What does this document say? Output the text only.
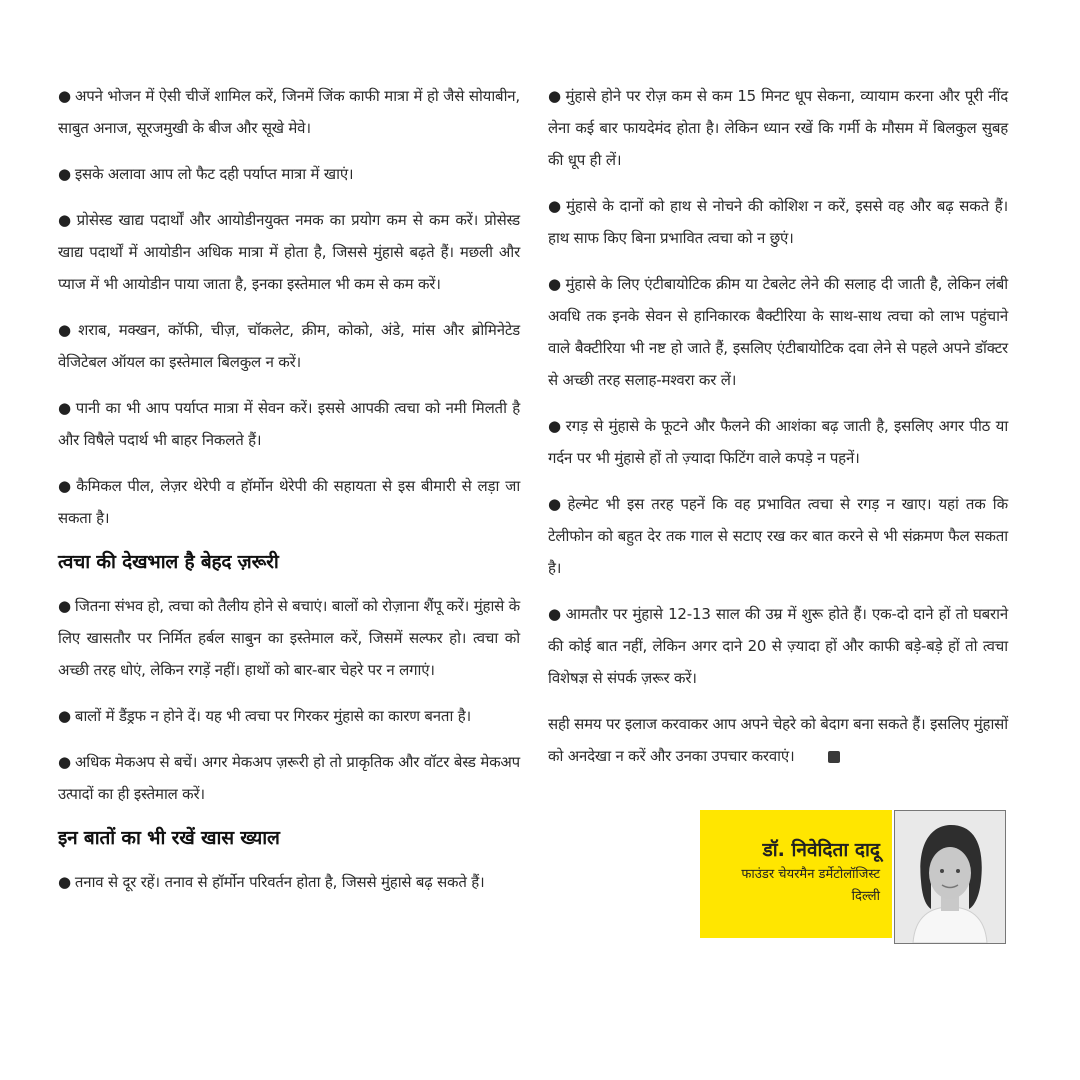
● अपने भोजन में ऐसी चीजें शामिल करें, जिनमें जिंक काफी मात्रा में हो जैसे सोयाबीन, साबुत अनाज, सूरजमुखी के बीज और सूखे मेवे।

● इसके अलावा आप लो फैट दही पर्याप्त मात्रा में खाएं।

● प्रोसेस्ड खाद्य पदार्थों और आयोडीनयुक्त नमक का प्रयोग कम से कम करें। प्रोसेस्ड खाद्य पदार्थों में आयोडीन अधिक मात्रा में होता है, जिससे मुंहासे बढ़ते हैं। मछली और प्याज में भी आयोडीन पाया जाता है, इनका इस्तेमाल भी कम से कम करें।

● शराब, मक्खन, कॉफी, चीज़, चॉकलेट, क्रीम, कोको, अंडे, मांस और ब्रोमिनेटेड वेजिटेबल ऑयल का इस्तेमाल बिलकुल न करें।

● पानी का भी आप पर्याप्त मात्रा में सेवन करें। इससे आपकी त्वचा को नमी मिलती है और विषैले पदार्थ भी बाहर निकलते हैं।

● कैमिकल पील, लेज़र थेरेपी व हॉर्मोन थेरेपी की सहायता से इस बीमारी से लड़ा जा सकता है।

त्वचा की देखभाल है बेहद ज़रूरी

● जितना संभव हो, त्वचा को तैलीय होने से बचाएं। बालों को रोज़ाना शैंपू करें। मुंहासे के लिए खासतौर पर निर्मित हर्बल साबुन का इस्तेमाल करें, जिसमें सल्फर हो। त्वचा को अच्छी तरह धोएं, लेकिन रगड़ें नहीं। हाथों को बार-बार चेहरे पर न लगाएं।

● बालों में डैंड्रफ न होने दें। यह भी त्वचा पर गिरकर मुंहासे का कारण बनता है।

● अधिक मेकअप से बचें। अगर मेकअप ज़रूरी हो तो प्राकृतिक और वॉटर बेस्ड मेकअप उत्पादों का ही इस्तेमाल करें।

इन बातों का भी रखें खास ख्याल

● तनाव से दूर रहें। तनाव से हॉर्मोन परिवर्तन होता है, जिससे मुंहासे बढ़ सकते हैं।

● मुंहासे होने पर रोज़ कम से कम 15 मिनट धूप सेकना, व्यायाम करना और पूरी नींद लेना कई बार फायदेमंद होता है। लेकिन ध्यान रखें कि गर्मी के मौसम में बिलकुल सुबह की धूप ही लें।

● मुंहासे के दानों को हाथ से नोचने की कोशिश न करें, इससे वह और बढ़ सकते हैं। हाथ साफ किए बिना प्रभावित त्वचा को न छुएं।

● मुंहासे के लिए एंटीबायोटिक क्रीम या टेबलेट लेने की सलाह दी जाती है, लेकिन लंबी अवधि तक इनके सेवन से हानिकारक बैक्टीरिया के साथ-साथ त्वचा को लाभ पहुंचाने वाले बैक्टीरिया भी नष्ट हो जाते हैं, इसलिए एंटीबायोटिक दवा लेने से पहले अपने डॉक्टर से अच्छी तरह सलाह-मश्वरा कर लें।

● रगड़ से मुंहासे के फूटने और फैलने की आशंका बढ़ जाती है, इसलिए अगर पीठ या गर्दन पर भी मुंहासे हों तो ज़्यादा फिटिंग वाले कपड़े न पहनें।

● हेल्मेट भी इस तरह पहनें कि वह प्रभावित त्वचा से रगड़ न खाए। यहां तक कि टेलीफोन को बहुत देर तक गाल से सटाए रख कर बात करने से भी संक्रमण फैल सकता है।

● आमतौर पर मुंहासे 12-13 साल की उम्र में शुरू होते हैं। एक-दो दाने हों तो घबराने की कोई बात नहीं, लेकिन अगर दाने 20 से ज़्यादा हों और काफी बड़े-बड़े हों तो त्वचा विशेषज्ञ से संपर्क ज़रूर करें।

सही समय पर इलाज करवाकर आप अपने चेहरे को बेदाग बना सकते हैं। इसलिए मुंहासों को अनदेखा न करें और उनका उपचार करवाएं।

डॉ. निवेदिता दादू
फाउंडर चेयरमैन डर्मेटोलॉजिस्ट
दिल्ली
